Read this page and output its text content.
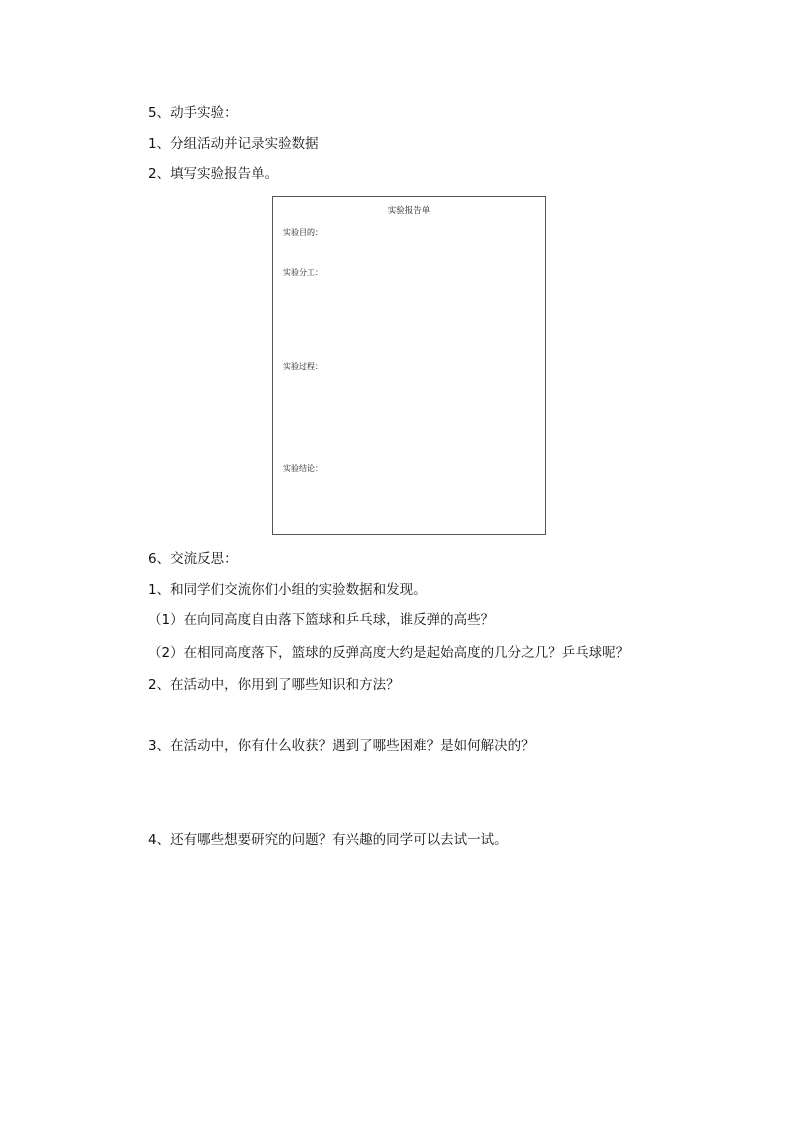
5、动手实验：
1、分组活动并记录实验数据
2、填写实验报告单。
实验报告单
实验目的：
实验分工：
实验过程：
实验结论：
6、交流反思：
1、和同学们交流你们小组的实验数据和发现。
（1）在向同高度自由落下篮球和乒乓球，谁反弹的高些？
（2）在相同高度落下，篮球的反弹高度大约是起始高度的几分之几？乒乓球呢？
2、在活动中，你用到了哪些知识和方法？
3、在活动中，你有什么收获？遇到了哪些困难？是如何解决的？
4、还有哪些想要研究的问题？有兴趣的同学可以去试一试。
